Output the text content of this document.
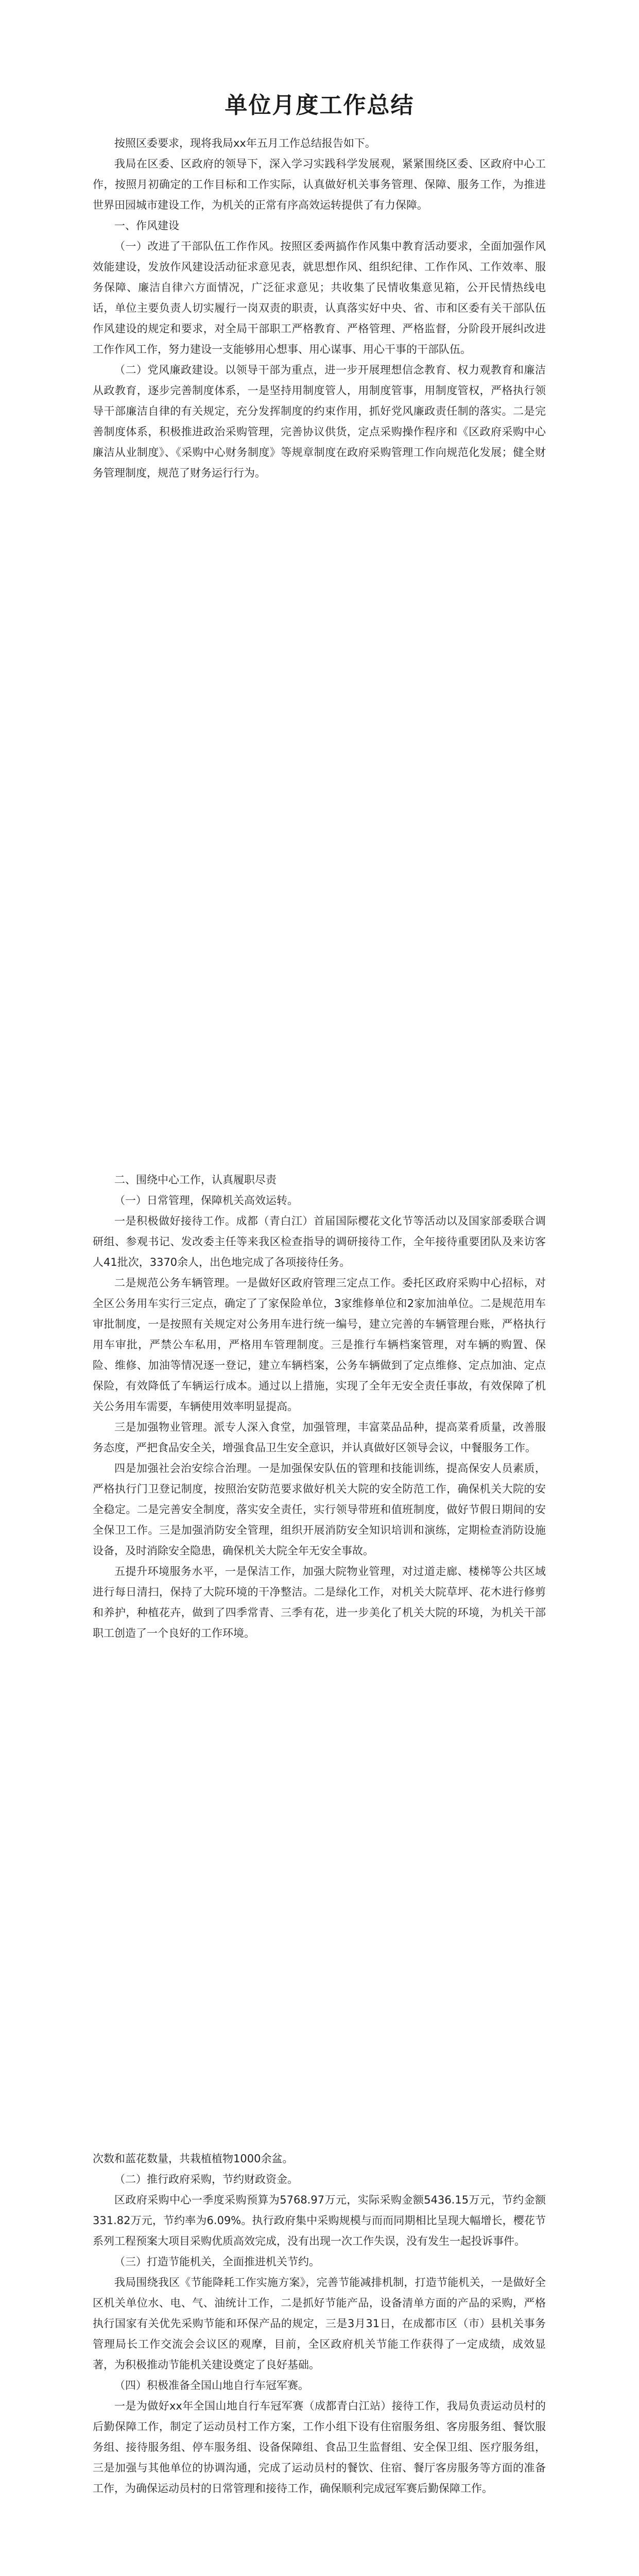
单位月度工作总结

按照区委要求，现将我局xx年五月工作总结报告如下。

我局在区委、区政府的领导下，深入学习实践科学发展观，紧紧围绕区委、区政府中心工作，按照月初确定的工作目标和工作实际，认真做好机关事务管理、保障、服务工作，为推进世界田园城市建设工作，为机关的正常有序高效运转提供了有力保障。

一、作风建设

（一）改进了干部队伍工作作风。按照区委两搞作作风集中教育活动要求，全面加强作风效能建设，发放作风建设活动征求意见表，就思想作风、组织纪律、工作作风、工作效率、服务保障、廉洁自律六方面情况，广泛征求意见；共收集了民情收集意见箱，公开民情热线电话，单位主要负责人切实履行一岗双责的职责，认真落实好中央、省、市和区委有关干部队伍作风建设的规定和要求，对全局干部职工严格教育、严格管理、严格监督，分阶段开展纠改进工作作风工作，努力建设一支能够用心想事、用心谋事、用心干事的干部队伍。

（二）党风廉政建设。以领导干部为重点，进一步开展理想信念教育、权力观教育和廉洁从政教育，逐步完善制度体系，一是坚持用制度管人，用制度管事，用制度管权，严格执行领导干部廉洁自律的有关规定，充分发挥制度的约束作用，抓好党风廉政责任制的落实。二是完善制度体系，积极推进政治采购管理，完善协议供货，定点采购操作程序和《区政府采购中心廉洁从业制度》、《采购中心财务制度》等规章制度在政府采购管理工作向规范化发展；健全财务管理制度，规范了财务运行行为。

二、围绕中心工作，认真履职尽责

（一）日常管理，保障机关高效运转。

一是积极做好接待工作。成都（青白江）首届国际樱花文化节等活动以及国家部委联合调研组、参观书记、发改委主任等来我区检查指导的调研接待工作，全年接待重要团队及来访客人41批次，3370余人，出色地完成了各项接待任务。

二是规范公务车辆管理。一是做好区政府管理三定点工作。委托区政府采购中心招标，对全区公务用车实行三定点，确定了了家保险单位，3家维修单位和2家加油单位。二是规范用车审批制度，一是按照有关规定对公务用车进行统一编号，建立完善的车辆管理台账，严格执行用车审批，严禁公车私用，严格用车管理制度。三是推行车辆档案管理，对车辆的购置、保险、维修、加油等情况逐一登记，建立车辆档案，公务车辆做到了定点维修、定点加油、定点保险，有效降低了车辆运行成本。通过以上措施，实现了全年无安全责任事故，有效保障了机关公务用车需要，车辆使用效率明显提高。

三是加强物业管理。派专人深入食堂，加强管理，丰富菜品品种，提高菜肴质量，改善服务态度，严把食品安全关，增强食品卫生安全意识，并认真做好区领导会议，中餐服务工作。

四是加强社会治安综合治理。一是加强保安队伍的管理和技能训练，提高保安人员素质，严格执行门卫登记制度，按照治安防范要求做好机关大院的安全防范工作，确保机关大院的安全稳定。二是完善安全制度，落实安全责任，实行领导带班和值班制度，做好节假日期间的安全保卫工作。三是加强消防安全管理，组织开展消防安全知识培训和演练，定期检查消防设施设备，及时消除安全隐患，确保机关大院全年无安全事故。

五提升环境服务水平，一是保洁工作，加强大院物业管理，对过道走廊、楼梯等公共区域进行每日清扫，保持了大院环境的干净整洁。二是绿化工作，对机关大院草坪、花木进行修剪和养护，种植花卉，做到了四季常青、三季有花，进一步美化了机关大院的环境，为机关干部职工创造了一个良好的工作环境。

次数和蓝花数量，共栽植植物1000余盆。

（二）推行政府采购，节约财政资金。

区政府采购中心一季度采购预算为5768.97万元，实际采购金额5436.15万元，节约金额331.82万元，节约率为6.09%。执行政府集中采购规模与而而同期相比呈现大幅增长，樱花节系列工程预案大项目采购优质高效完成，没有出现一次工作失误，没有发生一起投诉事件。

（三）打造节能机关，全面推进机关节约。

我局围绕我区《节能降耗工作实施方案》，完善节能减排机制，打造节能机关，一是做好全区机关单位水、电、气、油统计工作，二是抓好节能产品，设备清单方面的产品的采购，严格执行国家有关优先采购节能和环保产品的规定，三是3月31日，在成都市区（市）县机关事务管理局长工作交流会会议区的观摩，目前，全区政府机关节能工作获得了一定成绩，成效显著，为积极推动节能机关建设奠定了良好基础。

（四）积极准备全国山地自行车冠军赛。

一是为做好xx年全国山地自行车冠军赛（成都青白江站）接待工作，我局负责运动员村的后勤保障工作，制定了运动员村工作方案，工作小组下设有住宿服务组、客房服务组、餐饮服务组、接待服务组、停车服务组、设备保障组、食品卫生监督组、安全保卫组、医疗服务组，三是加强与其他单位的协调沟通，完成了运动员村的餐饮、住宿、餐厅客房服务等方面的准备工作，为确保运动员村的日常管理和接待工作，确保顺利完成冠军赛后勤保障工作。
